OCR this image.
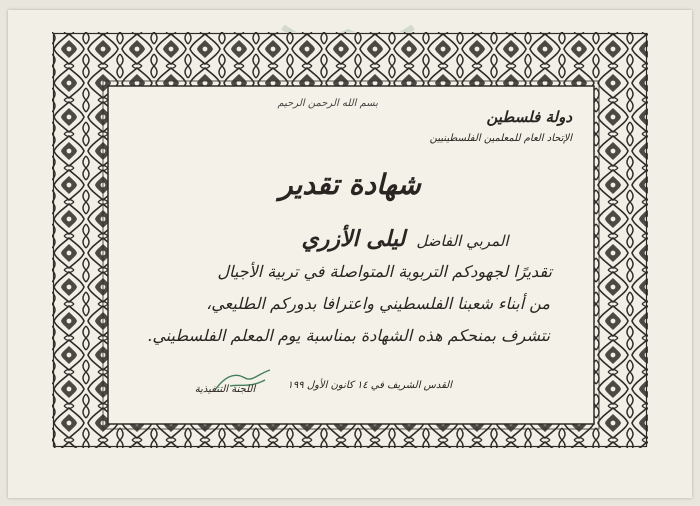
بسم الله الرحمن الرحيم
دولة فلسطين
الإتحاد العام للمعلمين الفلسطينيين
شهادة تقدير
المربي الفاضل ليلى الأزري
تقديرًا لجهودكم التربوية المتواصلة في تربية الأجيال
من أبناء شعبنا الفلسطيني واعترافا بدوركم الطليعي،
نتشرف بمنحكم هذه الشهادة بمناسبة يوم المعلم الفلسطيني.
القدس الشريف في ١٤ كانون الأول ١٩٩
اللجنة التنفيذية
